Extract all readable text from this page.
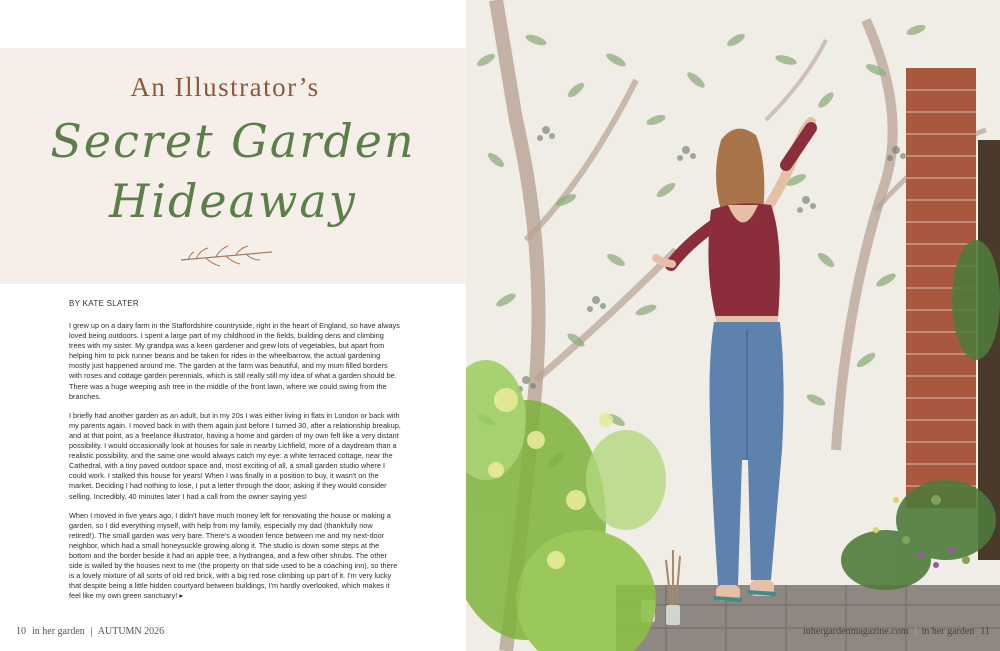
An Illustrator’s
Secret Garden
Hideaway
BY KATE SLATER

I grew up on a dairy farm in the Staffordshire countryside, right in the heart of England, so have always loved being outdoors. I spent a large part of my childhood in the fields, building dens and climbing trees with my sister. My grandpa was a keen gardener and grew lots of vegetables, but apart from helping him to pick runner beans and be taken for rides in the wheelbarrow, the actual gardening mostly just happened around me. The garden at the farm was beautiful, and my mum filled borders with roses and cottage garden perennials, which is still really still my idea of what a garden should be. There was a huge weeping ash tree in the middle of the front lawn, where we could swing from the branches.

I briefly had another garden as an adult, but in my 20s I was either living in flats in London or back with my parents again. I moved back in with them again just before I turned 30, after a relationship breakup, and at that point, as a freelance illustrator, having a home and garden of my own felt like a very distant possibility. I would occasionally look at houses for sale in nearby Lichfield, more of a daydream than a realistic possibility, and the same one would always catch my eye: a white terraced cottage, near the Cathedral, with a tiny paved outdoor space and, most exciting of all, a small garden studio where I could work. I stalked this house for years! When I was finally in a position to buy, it wasn't on the market. Deciding I had nothing to lose, I put a letter through the door, asking if they would consider selling. Incredibly, 40 minutes later I had a call from the owner saying yes!

When I moved in five years ago, I didn't have much money left for renovating the house or making a garden, so I did everything myself, with help from my family, especially my dad (thankfully now retired!). The small garden was very bare. There's a wooden fence between me and my next-door neighbor, which had a small honeysuckle growing along it. The studio is down some steps at the bottom and the border beside it had an apple tree, a hydrangea, and a few other shrubs. The other side is walled by the houses next to me (the property on that side used to be a coaching inn), so there is a lovely mixture of all sorts of old red brick, with a big red rose climbing up part of it. I'm very lucky that despite being a little hidden courtyard between buildings, I'm hardly overlooked, which makes it feel like my own green sanctuary! ▸

10 in her garden AUTUMN 2026	inhergardenmagazine.com in her garden 11
